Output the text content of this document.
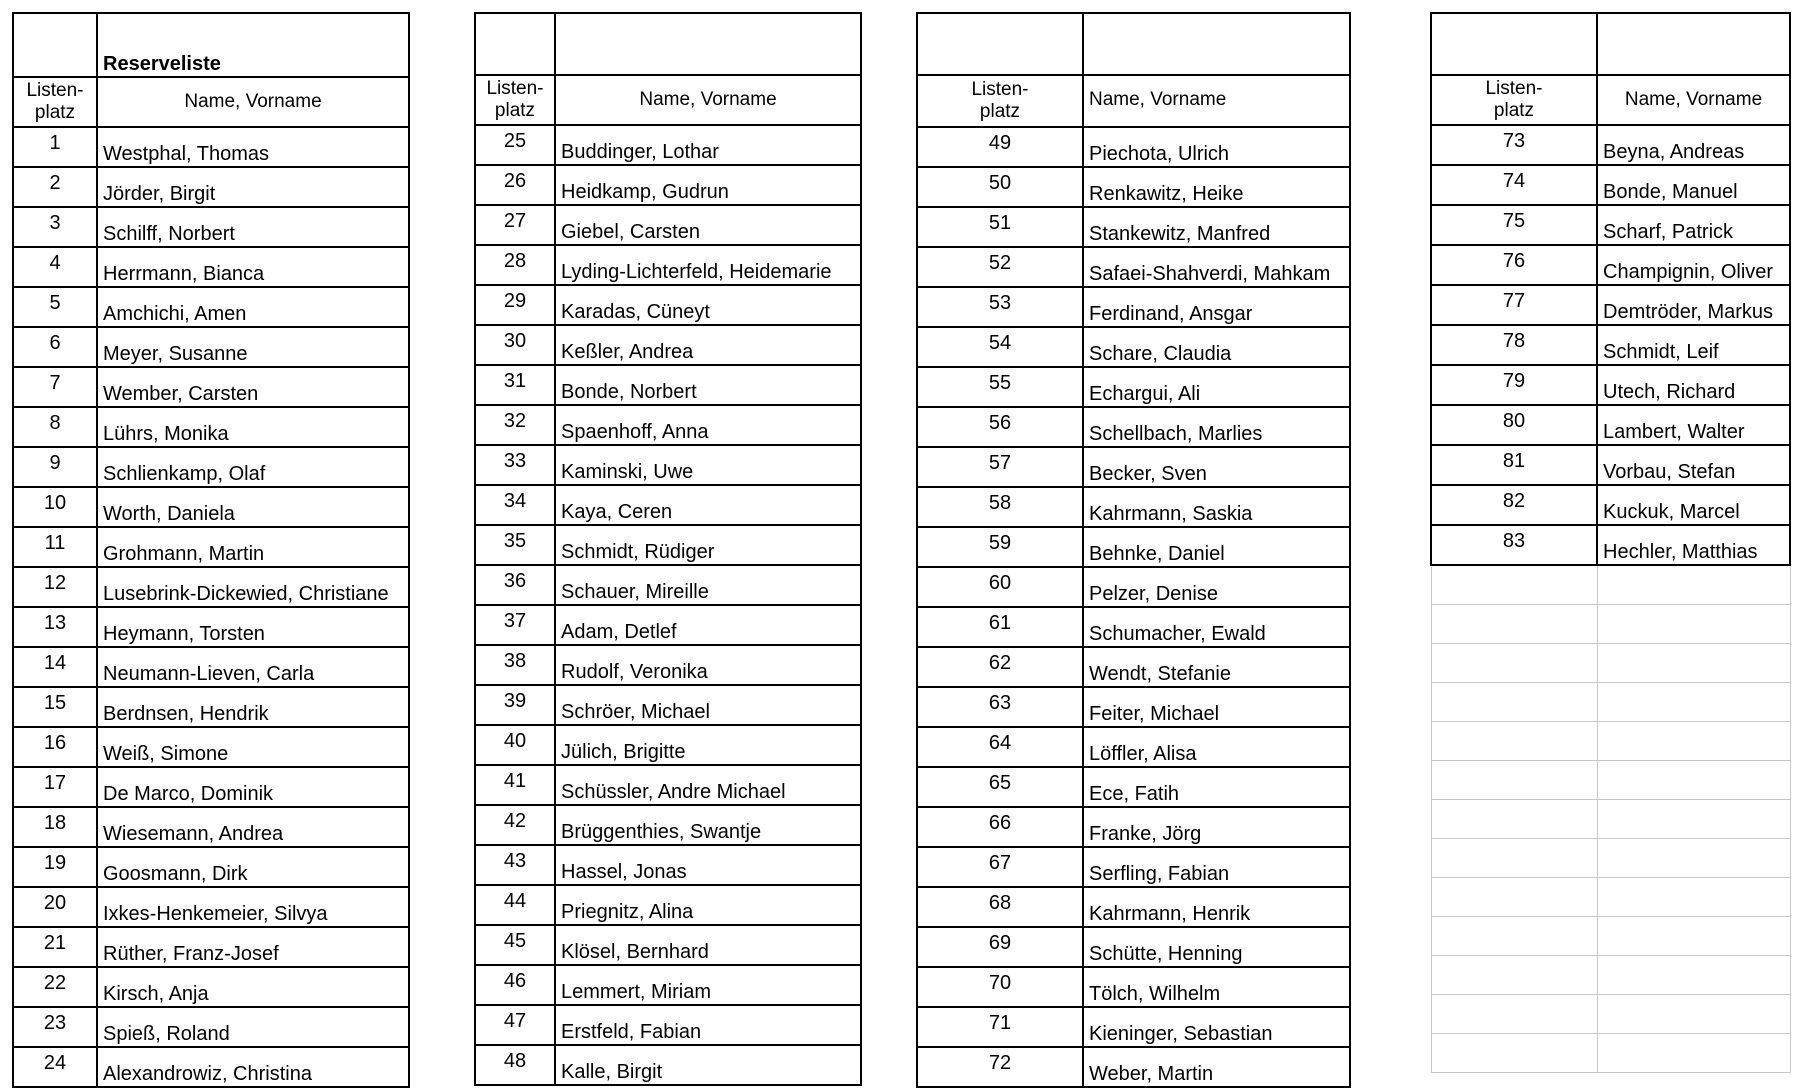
	Reserveliste
Listen-
platz	Name, Vorname
1	Westphal, Thomas
2	Jörder, Birgit
3	Schilff, Norbert
4	Herrmann, Bianca
5	Amchichi, Amen
6	Meyer, Susanne
7	Wember, Carsten
8	Lührs, Monika
9	Schlienkamp, Olaf
10	Worth, Daniela
11	Grohmann, Martin
12	Lusebrink-Dickewied, Christiane
13	Heymann, Torsten
14	Neumann-Lieven, Carla
15	Berdnsen, Hendrik
16	Weiß, Simone
17	De Marco, Dominik
18	Wiesemann, Andrea
19	Goosmann, Dirk
20	Ixkes-Henkemeier, Silvya
21	Rüther, Franz-Josef
22	Kirsch, Anja
23	Spieß, Roland
24	Alexandrowiz, Christina

Listen-
platz	Name, Vorname
25	Buddinger, Lothar
26	Heidkamp, Gudrun
27	Giebel, Carsten
28	Lyding-Lichterfeld, Heidemarie
29	Karadas, Cüneyt
30	Keßler, Andrea
31	Bonde, Norbert
32	Spaenhoff, Anna
33	Kaminski, Uwe
34	Kaya, Ceren
35	Schmidt, Rüdiger
36	Schauer, Mireille
37	Adam, Detlef
38	Rudolf, Veronika
39	Schröer, Michael
40	Jülich, Brigitte
41	Schüssler, Andre Michael
42	Brüggenthies, Swantje
43	Hassel, Jonas
44	Priegnitz, Alina
45	Klösel, Bernhard
46	Lemmert, Miriam
47	Erstfeld, Fabian
48	Kalle, Birgit

Listen-
platz	Name, Vorname
49	Piechota, Ulrich
50	Renkawitz, Heike
51	Stankewitz, Manfred
52	Safaei-Shahverdi, Mahkam
53	Ferdinand, Ansgar
54	Schare, Claudia
55	Echargui, Ali
56	Schellbach, Marlies
57	Becker, Sven
58	Kahrmann, Saskia
59	Behnke, Daniel
60	Pelzer, Denise
61	Schumacher, Ewald
62	Wendt, Stefanie
63	Feiter, Michael
64	Löffler, Alisa
65	Ece, Fatih
66	Franke, Jörg
67	Serfling, Fabian
68	Kahrmann, Henrik
69	Schütte, Henning
70	Tölch, Wilhelm
71	Kieninger, Sebastian
72	Weber, Martin

Listen-
platz	Name, Vorname
73	Beyna, Andreas
74	Bonde, Manuel
75	Scharf, Patrick
76	Champignin, Oliver
77	Demtröder, Markus
78	Schmidt, Leif
79	Utech, Richard
80	Lambert, Walter
81	Vorbau, Stefan
82	Kuckuk, Marcel
83	Hechler, Matthias
